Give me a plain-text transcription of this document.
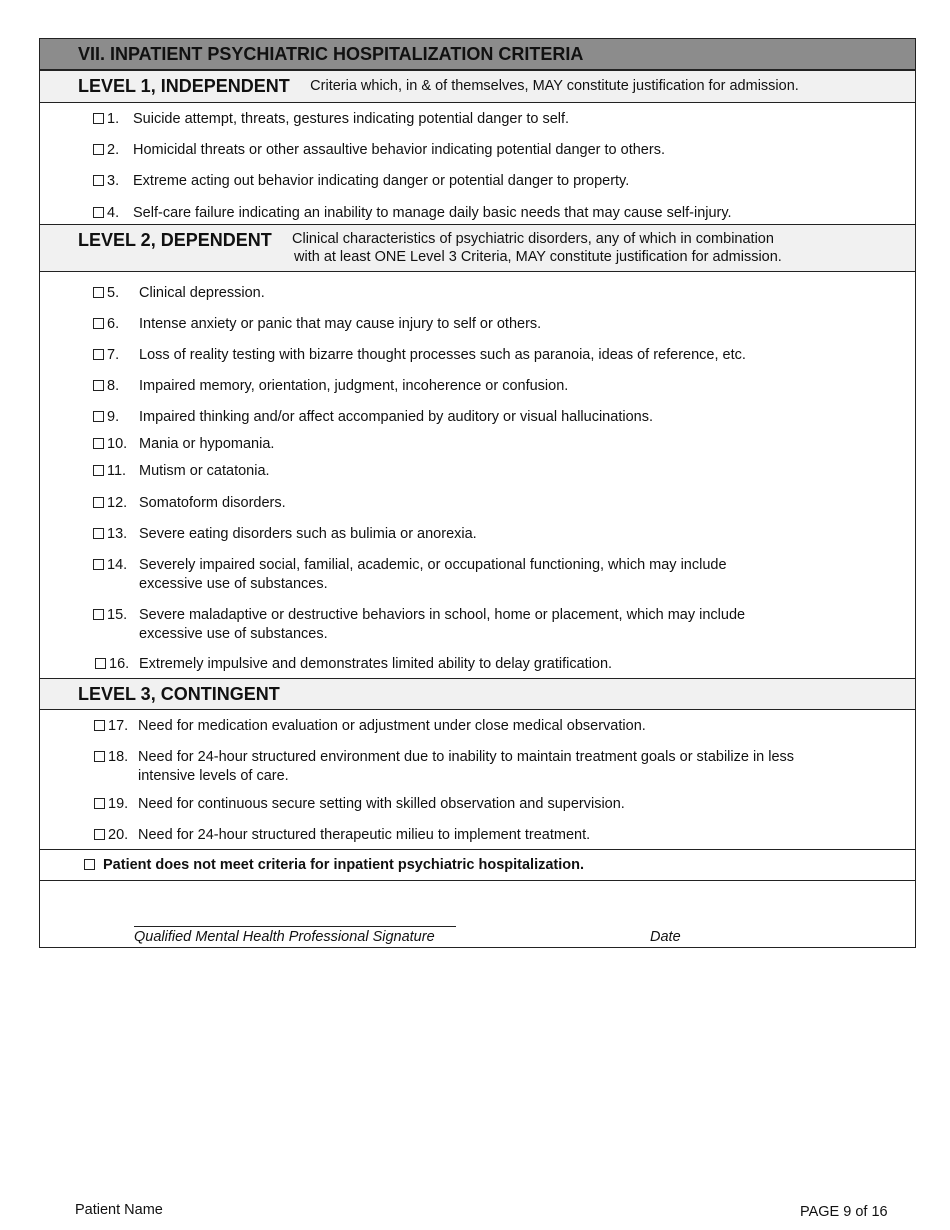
VII. INPATIENT PSYCHIATRIC HOSPITALIZATION CRITERIA
LEVEL 1, INDEPENDENT Criteria which, in & of themselves, MAY constitute justification for admission.
1. Suicide attempt, threats, gestures indicating potential danger to self.
2. Homicidal threats or other assaultive behavior indicating potential danger to others.
3. Extreme acting out behavior indicating danger or potential danger to property.
4. Self-care failure indicating an inability to manage daily basic needs that may cause self-injury.
LEVEL 2, DEPENDENT Clinical characteristics of psychiatric disorders, any of which in combination
with at least ONE Level 3 Criteria, MAY constitute justification for admission.
5. Clinical depression.
6. Intense anxiety or panic that may cause injury to self or others.
7. Loss of reality testing with bizarre thought processes such as paranoia, ideas of reference, etc.
8. Impaired memory, orientation, judgment, incoherence or confusion.
9. Impaired thinking and/or affect accompanied by auditory or visual hallucinations.
10. Mania or hypomania.
11. Mutism or catatonia.
12. Somatoform disorders.
13. Severe eating disorders such as bulimia or anorexia.
14. Severely impaired social, familial, academic, or occupational functioning, which may include
excessive use of substances.
15. Severe maladaptive or destructive behaviors in school, home or placement, which may include
excessive use of substances.
16. Extremely impulsive and demonstrates limited ability to delay gratification.
LEVEL 3, CONTINGENT
17. Need for medication evaluation or adjustment under close medical observation.
18. Need for 24-hour structured environment due to inability to maintain treatment goals or stabilize in less
intensive levels of care.
19. Need for continuous secure setting with skilled observation and supervision.
20. Need for 24-hour structured therapeutic milieu to implement treatment.
Patient does not meet criteria for inpatient psychiatric hospitalization.
Qualified Mental Health Professional Signature	Date
Patient Name	PAGE 9 of 16
